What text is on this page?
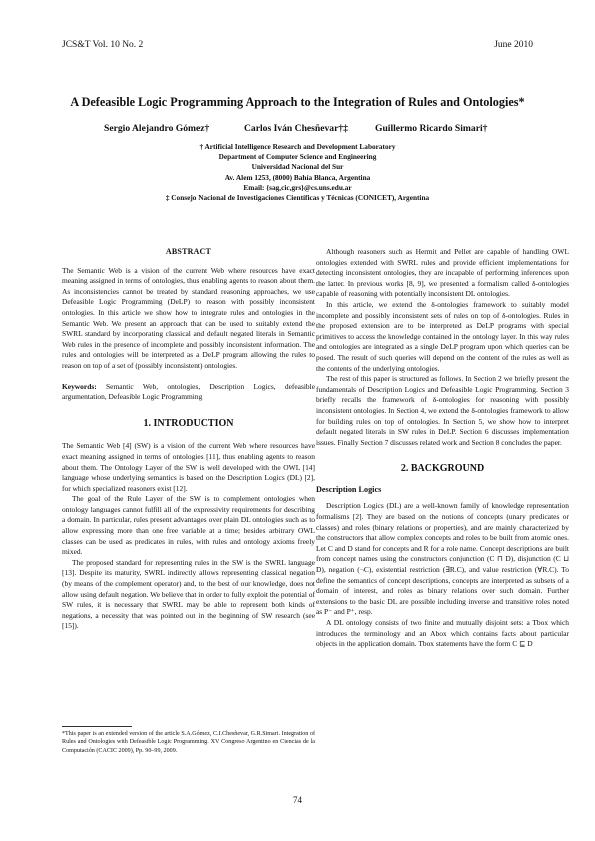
JCS&T Vol. 10 No. 2	June 2010
A Defeasible Logic Programming Approach to the Integration of Rules and Ontologies*
Sergio Alejandro Gómez†	Carlos Iván Chesñevar†‡	Guillermo Ricardo Simari†
† Artificial Intelligence Research and Development Laboratory
Department of Computer Science and Engineering
Universidad Nacional del Sur
Av. Alem 1253, (8000) Bahía Blanca, Argentina
Email: {sag,cic,grs}@cs.uns.edu.ar
‡ Consejo Nacional de Investigaciones Científicas y Técnicas (CONICET), Argentina
ABSTRACT

The Semantic Web is a vision of the current Web where resources have exact meaning assigned in terms of ontologies, thus enabling agents to reason about them. As inconsistencies cannot be treated by standard reasoning approaches, we use Defeasible Logic Programming (DeLP) to reason with possibly inconsistent ontologies. In this article we show how to integrate rules and ontologies in the Semantic Web. We present an approach that can be used to suitably extend the SWRL standard by incorporating classical and default negated literals in Semantic Web rules in the presence of incomplete and possibly inconsistent information. The rules and ontologies will be interpreted as a DeLP program allowing the rules to reason on top of a set of (possibly inconsistent) ontologies.

Keywords: Semantic Web, ontologies, Description Logics, defeasible argumentation, Defeasible Logic Programming

1. INTRODUCTION

The Semantic Web [4] (SW) is a vision of the current Web where resources have exact meaning assigned in terms of ontologies [11], thus enabling agents to reason about them. The Ontology Layer of the SW is well developed with the OWL [14] language whose underlying semantics is based on the Description Logics (DL) [2], for which specialized reasoners exist [12].

The goal of the Rule Layer of the SW is to complement ontologies when ontology languages cannot fulfill all of the expressivity requirements for describing a domain. In particular, rules present advantages over plain DL ontologies such as to allow expressing more than one free variable at a time; besides arbitrary OWL classes can be used as predicates in rules, with rules and ontology axioms freely mixed.

The proposed standard for representing rules in the SW is the SWRL language [13]. Despite its maturity, SWRL indirectly allows representing classical negation (by means of the complement operator) and, to the best of our knowledge, does not allow using default negation. We believe that in order to fully exploit the potential of SW rules, it is necessary that SWRL may be able to represent both kinds of negations, a necessity that was pointed out in the beginning of SW research (see [15]).

*This paper is an extended version of the article S.A.Gómez, C.I.Chesñevar, G.R.Simari. Integration of Rules and Ontologies with Defeasible Logic Programming. XV Congreso Argentino en Ciencias de la Computación (CACIC 2009), Pp. 90–99, 2009.

Although reasoners such as Hermit and Pellet are capable of handling OWL ontologies extended with SWRL rules and provide efficient implementations for detecting inconsistent ontologies, they are incapable of performing inferences upon the latter. In previous works [8, 9], we presented a formalism called δ-ontologies capable of reasoning with potentially inconsistent DL ontologies.

In this article, we extend the δ-ontologies framework to suitably model incomplete and possibly inconsistent sets of rules on top of δ-ontologies. Rules in the proposed extension are to be interpreted as DeLP programs with special primitives to access the knowledge contained in the ontology layer. In this way rules and ontologies are integrated as a single DeLP program upon which queries can be posed. The result of such queries will depend on the content of the rules as well as the contents of the underlying ontologies.

The rest of this paper is structured as follows. In Section 2 we briefly present the fundamentals of Description Logics and Defeasible Logic Programming. Section 3 briefly recalls the framework of δ-ontologies for reasoning with possibly inconsistent ontologies. In Section 4, we extend the δ-ontologies framework to allow for building rules on top of ontologies. In Section 5, we show how to interpret default negated literals in SW rules in DeLP. Section 6 discusses implementation issues. Finally Section 7 discusses related work and Section 8 concludes the paper.

2. BACKGROUND
Description Logics

Description Logics (DL) are a well-known family of knowledge representation formalisms [2]. They are based on the notions of concepts (unary predicates or classes) and roles (binary relations or properties), and are mainly characterized by the constructors that allow complex concepts and roles to be built from atomic ones. Let C and D stand for concepts and R for a role name. Concept descriptions are built from concept names using the constructors conjunction (C ⊓ D), disjunction (C ⊔ D), negation (¬C), existential restriction (∃R.C), and value restriction (∀R.C). To define the semantics of concept descriptions, concepts are interpreted as subsets of a domain of interest, and roles as binary relations over such domain. Further extensions to the basic DL are possible including inverse and transitive roles noted as P⁻ and P⁺, resp.

A DL ontology consists of two finite and mutually disjoint sets: a Tbox which introduces the terminology and an Abox which contains facts about particular objects in the application domain. Tbox statements have the form C ⊑ D

74
